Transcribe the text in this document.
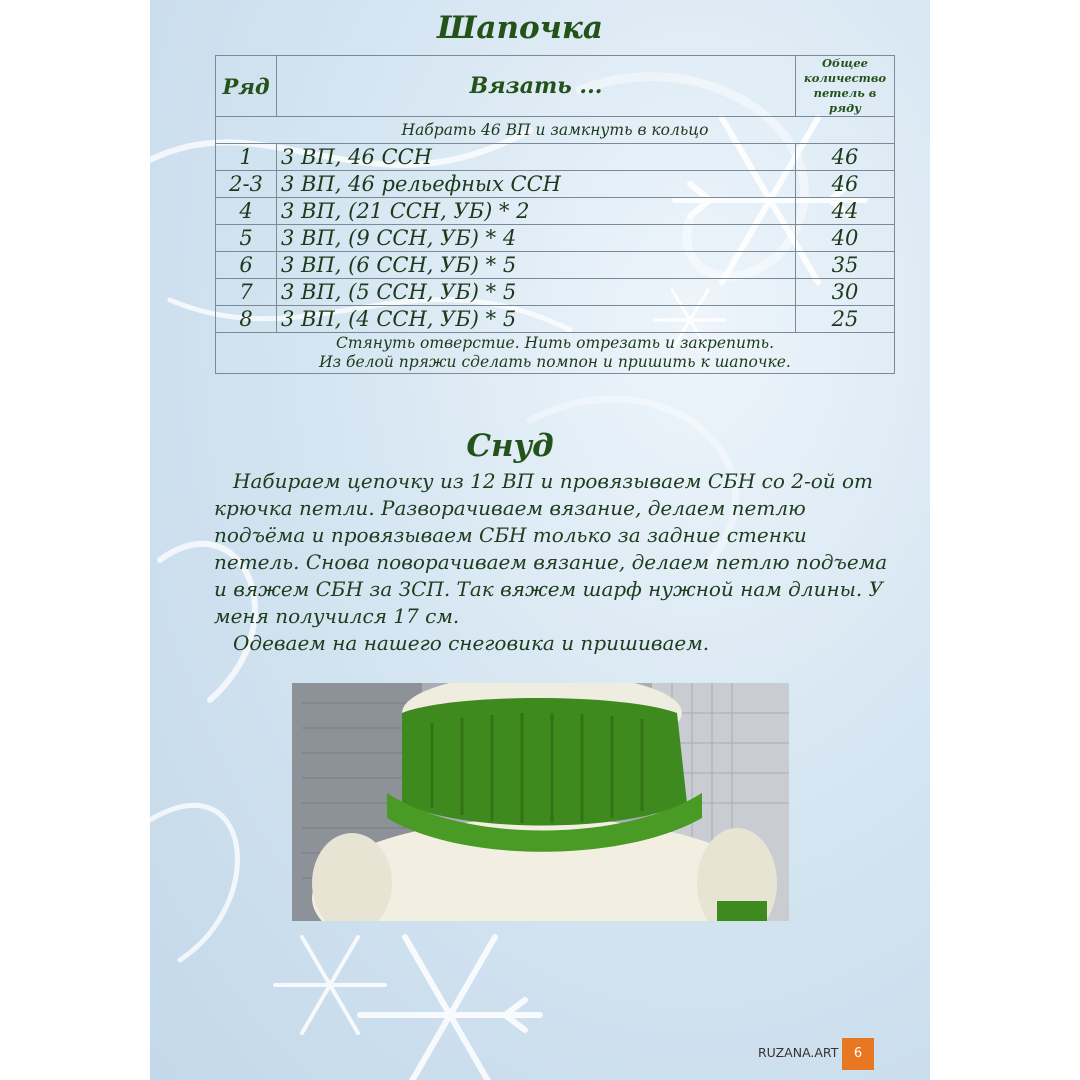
Шапочка
Ряд	Вязать ...	Общее
количество
петель в
ряду
Набрать 46 ВП и замкнуть в кольцо		
1	3 ВП, 46 ССН	46
2-3	3 ВП, 46 рельефных ССН	46
4	3 ВП, (21 ССН, УБ) * 2	44
5	3 ВП, (9 ССН, УБ) * 4	40
6	3 ВП, (6 ССН, УБ) * 5	35
7	3 ВП, (5 ССН, УБ) * 5	30
8	3 ВП, (4 ССН, УБ) * 5	25
Стянуть отверстие. Нить отрезать и закрепить.
Из белой пряжи сделать помпон и пришить к шапочке.		
Снуд

Набираем цепочку из 12 ВП и провязываем СБН со 2-ой от крючка петли. Разворачиваем вязание, делаем петлю подъёма и провязываем СБН только за задние стенки петель. Снова поворачиваем вязание, делаем петлю подъема и вяжем СБН за ЗСП. Так вяжем шарф нужной нам длины. У меня получился 17 см.

Одеваем на нашего снеговика и пришиваем.

RUZANA.ART	6
